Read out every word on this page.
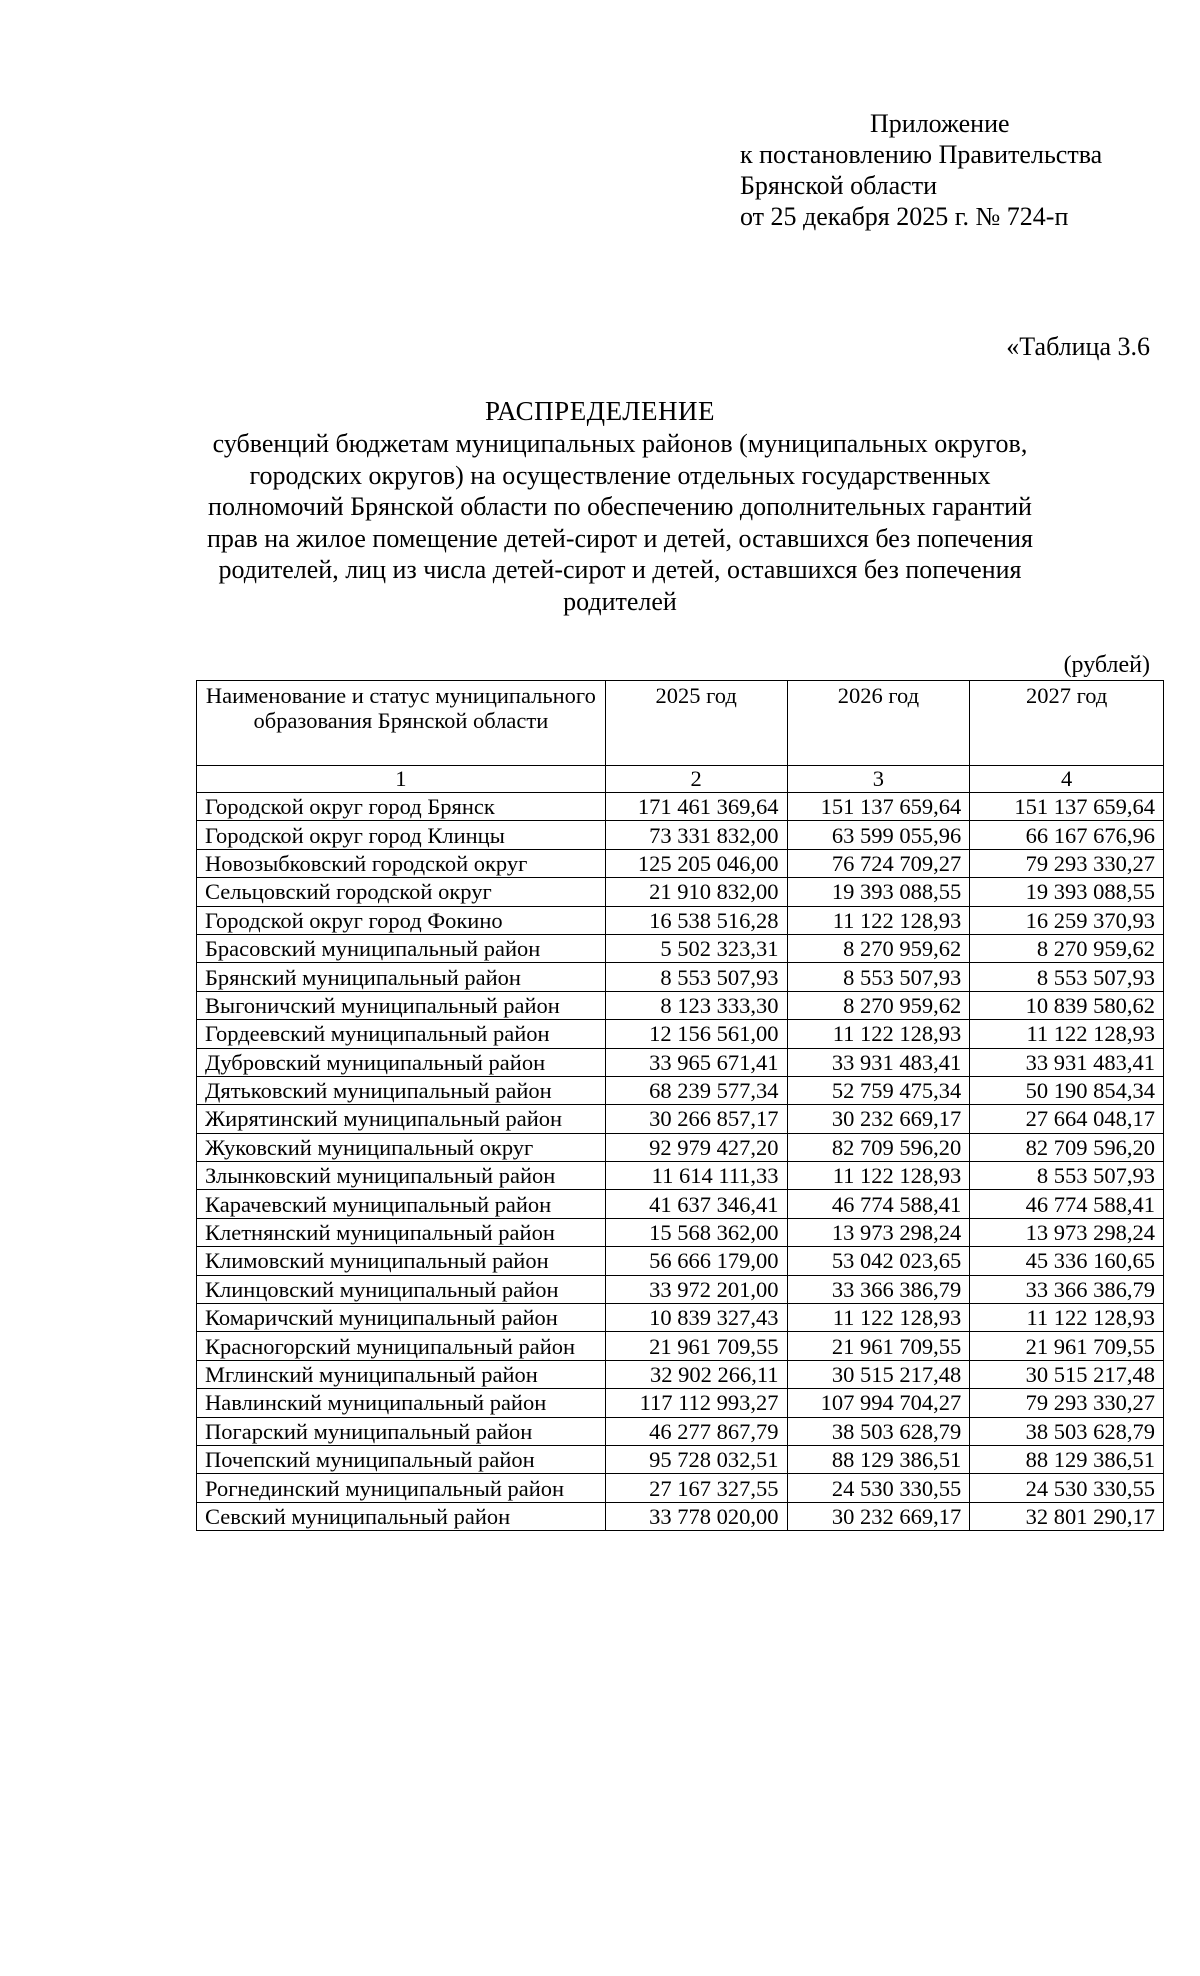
Приложение
к постановлению Правительства
Брянской области
от 25 декабря 2025 г. № 724-п
«Таблица 3.6
РАСПРЕДЕЛЕНИЕ
субвенций бюджетам муниципальных районов (муниципальных округов, городских округов) на осуществление отдельных государственных полномочий Брянской области по обеспечению дополнительных гарантий прав на жилое помещение детей-сирот и детей, оставшихся без попечения родителей, лиц из числа детей-сирот и детей, оставшихся без попечения родителей
(рублей)
Наименование и статус муниципального образования Брянской области	2025 год	2026 год	2027 год
1	2	3	4
Городской округ город Брянск	171 461 369,64	151 137 659,64	151 137 659,64
Городской округ город Клинцы	73 331 832,00	63 599 055,96	66 167 676,96
Новозыбковский городской округ	125 205 046,00	76 724 709,27	79 293 330,27
Сельцовский городской округ	21 910 832,00	19 393 088,55	19 393 088,55
Городской округ город Фокино	16 538 516,28	11 122 128,93	16 259 370,93
Брасовский муниципальный район	5 502 323,31	8 270 959,62	8 270 959,62
Брянский муниципальный район	8 553 507,93	8 553 507,93	8 553 507,93
Выгоничский муниципальный район	8 123 333,30	8 270 959,62	10 839 580,62
Гордеевский муниципальный район	12 156 561,00	11 122 128,93	11 122 128,93
Дубровский муниципальный район	33 965 671,41	33 931 483,41	33 931 483,41
Дятьковский муниципальный район	68 239 577,34	52 759 475,34	50 190 854,34
Жирятинский муниципальный район	30 266 857,17	30 232 669,17	27 664 048,17
Жуковский муниципальный округ	92 979 427,20	82 709 596,20	82 709 596,20
Злынковский муниципальный район	11 614 111,33	11 122 128,93	8 553 507,93
Карачевский муниципальный район	41 637 346,41	46 774 588,41	46 774 588,41
Клетнянский муниципальный район	15 568 362,00	13 973 298,24	13 973 298,24
Климовский муниципальный район	56 666 179,00	53 042 023,65	45 336 160,65
Клинцовский муниципальный район	33 972 201,00	33 366 386,79	33 366 386,79
Комаричский муниципальный район	10 839 327,43	11 122 128,93	11 122 128,93
Красногорский муниципальный район	21 961 709,55	21 961 709,55	21 961 709,55
Мглинский муниципальный район	32 902 266,11	30 515 217,48	30 515 217,48
Навлинский муниципальный район	117 112 993,27	107 994 704,27	79 293 330,27
Погарский муниципальный район	46 277 867,79	38 503 628,79	38 503 628,79
Почепский муниципальный район	95 728 032,51	88 129 386,51	88 129 386,51
Рогнединский муниципальный район	27 167 327,55	24 530 330,55	24 530 330,55
Севский муниципальный район	33 778 020,00	30 232 669,17	32 801 290,17
